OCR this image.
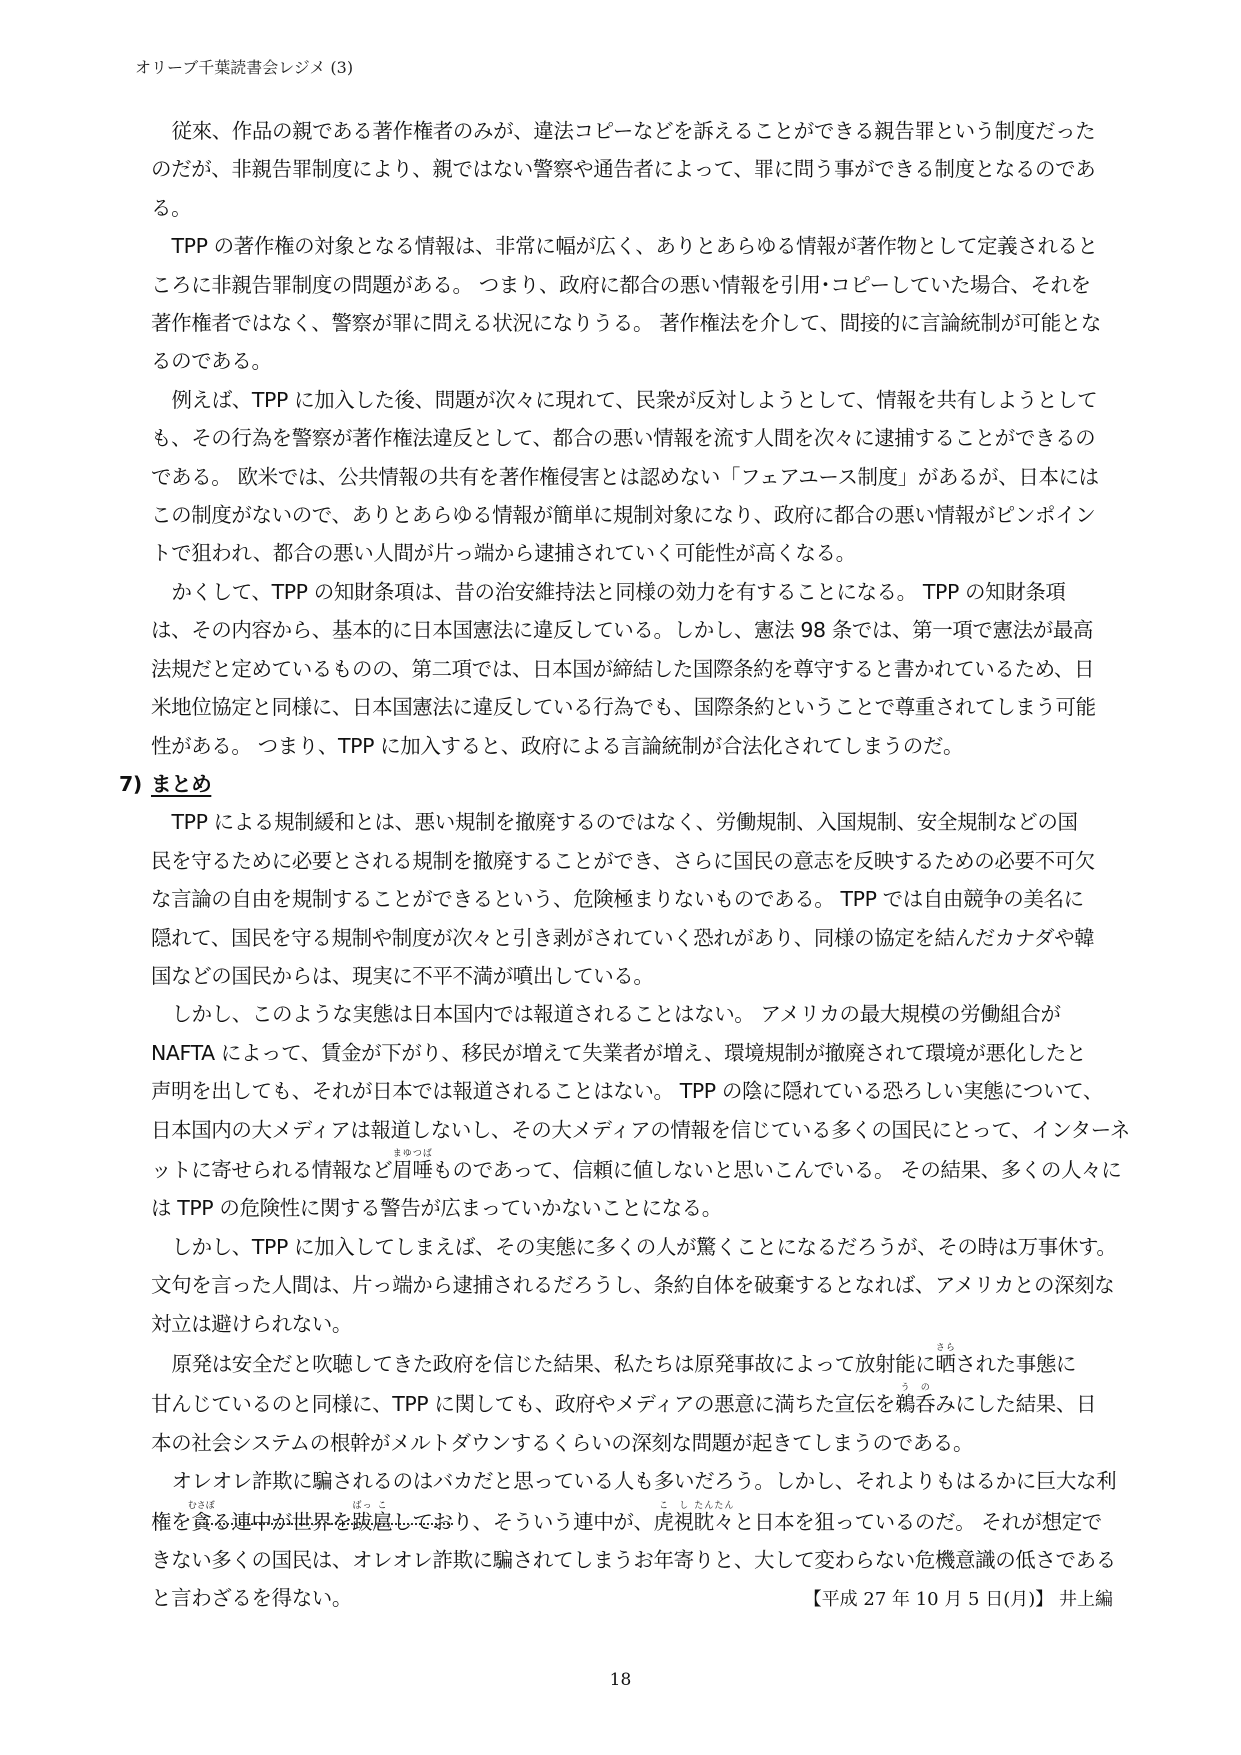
オリーブ千葉読書会レジメ (3)

従來、作品の親である著作権者のみが、違法コピーなどを訴えることができる親告罪という制度だった
のだが、非親告罪制度により、親ではない警察や通告者によって、罪に問う事ができる制度となるのであ
る。

TPP の著作権の対象となる情報は、非常に幅が広く、ありとあらゆる情報が著作物として定義されると
ころに非親告罪制度の問題がある。 つまり、政府に都合の悪い情報を引用･コピーしていた場合、それを
著作権者ではなく、警察が罪に問える状況になりうる。 著作権法を介して、間接的に言論統制が可能とな
るのである。

例えば、TPP に加入した後、問題が次々に現れて、民衆が反対しようとして、情報を共有しようとして
も、その行為を警察が著作権法違反として、都合の悪い情報を流す人間を次々に逮捕することができるの
である。 欧米では、公共情報の共有を著作権侵害とは認めない「フェアユース制度」があるが、日本には
この制度がないので、ありとあらゆる情報が簡単に規制対象になり、政府に都合の悪い情報がピンポイン
トで狙われ、都合の悪い人間が片っ端から逮捕されていく可能性が高くなる。

かくして、TPP の知財条項は、昔の治安維持法と同様の効力を有することになる。 TPP の知財条項
は、その内容から、基本的に日本国憲法に違反している。しかし、憲法 98 条では、第一項で憲法が最高
法規だと定めているものの、第二項では、日本国が締結した国際条約を尊守すると書かれているため、日
米地位協定と同様に、日本国憲法に違反している行為でも、国際条約ということで尊重されてしまう可能
性がある。 つまり、TPP に加入すると、政府による言論統制が合法化されてしまうのだ。

7) まとめ

TPP による規制緩和とは、悪い規制を撤廃するのではなく、労働規制、入国規制、安全規制などの国
民を守るために必要とされる規制を撤廃することができ、さらに国民の意志を反映するための必要不可欠
な言論の自由を規制することができるという、危険極まりないものである。 TPP では自由競争の美名に
隠れて、国民を守る規制や制度が次々と引き剥がされていく恐れがあり、同様の協定を結んだカナダや韓
国などの国民からは、現実に不平不満が噴出している。

しかし、このような実態は日本国内では報道されることはない。 アメリカの最大規模の労働組合が
NAFTA によって、賃金が下がり、移民が増えて失業者が増え、環境規制が撤廃されて環境が悪化したと
声明を出しても、それが日本では報道されることはない。 TPP の陰に隠れている恐ろしい実態について、
日本国内の大メディアは報道しないし、その大メディアの情報を信じている多くの国民にとって、インターネ
ットに寄せられる情報など眉まゆ唾つばものであって、信頼に値しないと思いこんでいる。 その結果、多くの人々に
は TPP の危険性に関する警告が広まっていかないことになる。

しかし、TPP に加入してしまえば、その実態に多くの人が驚くことになるだろうが、その時は万事休す。
文句を言った人間は、片っ端から逮捕されるだろうし、条約自体を破棄するとなれば、アメリカとの深刻な
対立は避けられない。

原発は安全だと吹聴してきた政府を信じた結果、私たちは原発事故によって放射能に晒さらされた事態に
甘んじているのと同様に、TPP に関しても、政府やメディアの悪意に満ちた宣伝を鵜う呑のみにした結果、日
本の社会システムの根幹がメルトダウンするくらいの深刻な問題が起きてしまうのである。

オレオレ詐欺に騙されるのはバカだと思っている人も多いだろう。しかし、それよりもはるかに巨大な利
権を貪むさぼる連中が世界を跋ばっ扈こしており、そういう連中が、虎こ視し眈たん々たんと日本を狙っているのだ。 それが想定で
きない多くの国民は、オレオレ詐欺に騙されてしまうお年寄りと、大して変わらない危機意識の低さである
と言わざるを得ない。	【平成 27 年 10 月 5 日(月)】 井上編
18
